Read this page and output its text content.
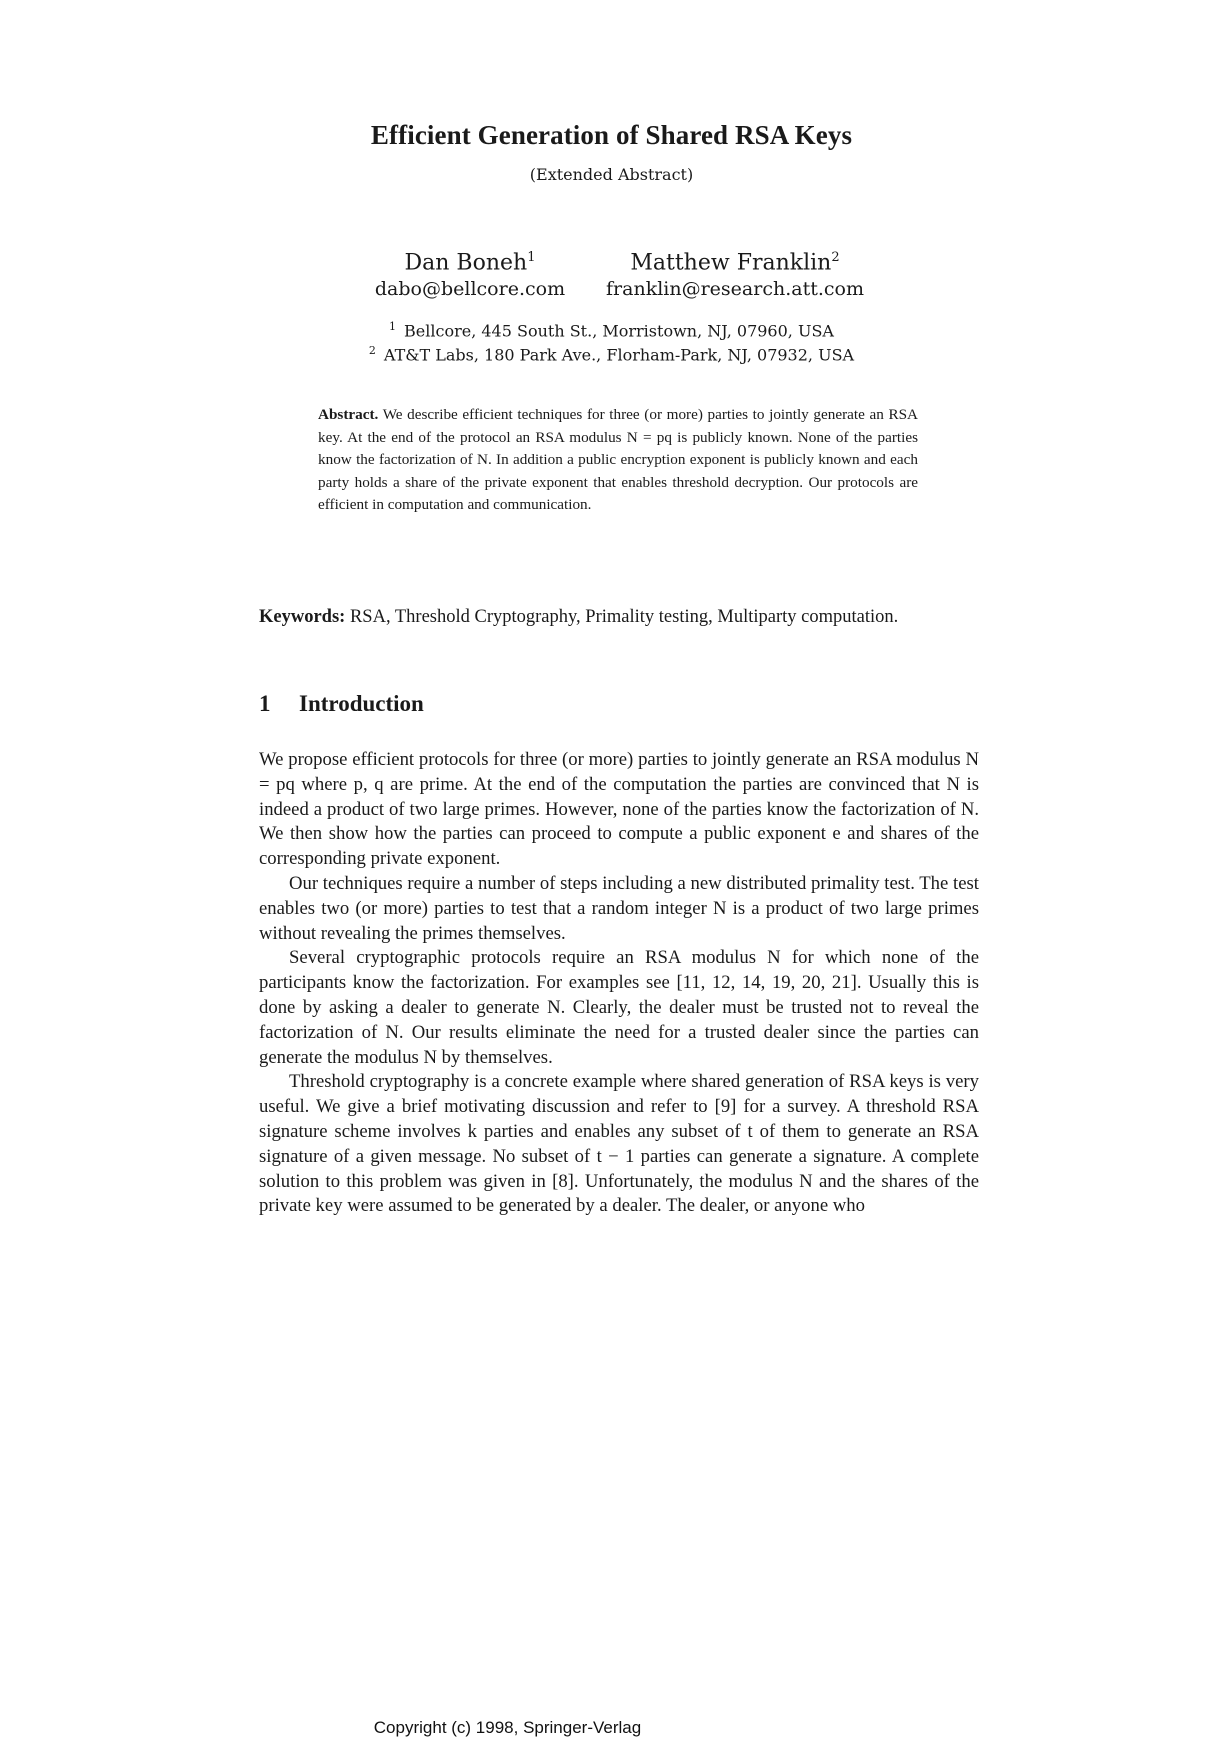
Efficient Generation of Shared RSA Keys
(Extended Abstract)
Dan Boneh$^1$
dabo@bellcore.com
Matthew Franklin$^2$
franklin@research.att.com
$^1$ Bellcore, 445 South St., Morristown, NJ, 07960, USA
$^2$ AT&T Labs, 180 Park Ave., Florham-Park, NJ, 07932, USA
Abstract. We describe efficient techniques for three (or more) parties to jointly generate an RSA key. At the end of the protocol an RSA modulus N = pq is publicly known. None of the parties know the factorization of N. In addition a public encryption exponent is publicly known and each party holds a share of the private exponent that enables threshold decryption. Our protocols are efficient in computation and communication.
Keywords: RSA, Threshold Cryptography, Primality testing, Multiparty computation.
1 Introduction

We propose efficient protocols for three (or more) parties to jointly generate an RSA modulus N = pq where p, q are prime. At the end of the computation the parties are convinced that N is indeed a product of two large primes. However, none of the parties know the factorization of N. We then show how the parties can proceed to compute a public exponent e and shares of the corresponding private exponent.

Our techniques require a number of steps including a new distributed primality test. The test enables two (or more) parties to test that a random integer N is a product of two large primes without revealing the primes themselves.

Several cryptographic protocols require an RSA modulus N for which none of the participants know the factorization. For examples see [11, 12, 14, 19, 20, 21]. Usually this is done by asking a dealer to generate N. Clearly, the dealer must be trusted not to reveal the factorization of N. Our results eliminate the need for a trusted dealer since the parties can generate the modulus N by themselves.

Threshold cryptography is a concrete example where shared generation of RSA keys is very useful. We give a brief motivating discussion and refer to [9] for a survey. A threshold RSA signature scheme involves k parties and enables any subset of t of them to generate an RSA signature of a given message. No subset of t − 1 parties can generate a signature. A complete solution to this problem was given in [8]. Unfortunately, the modulus N and the shares of the private key were assumed to be generated by a dealer. The dealer, or anyone who

Copyright (c) 1998, Springer-Verlag
